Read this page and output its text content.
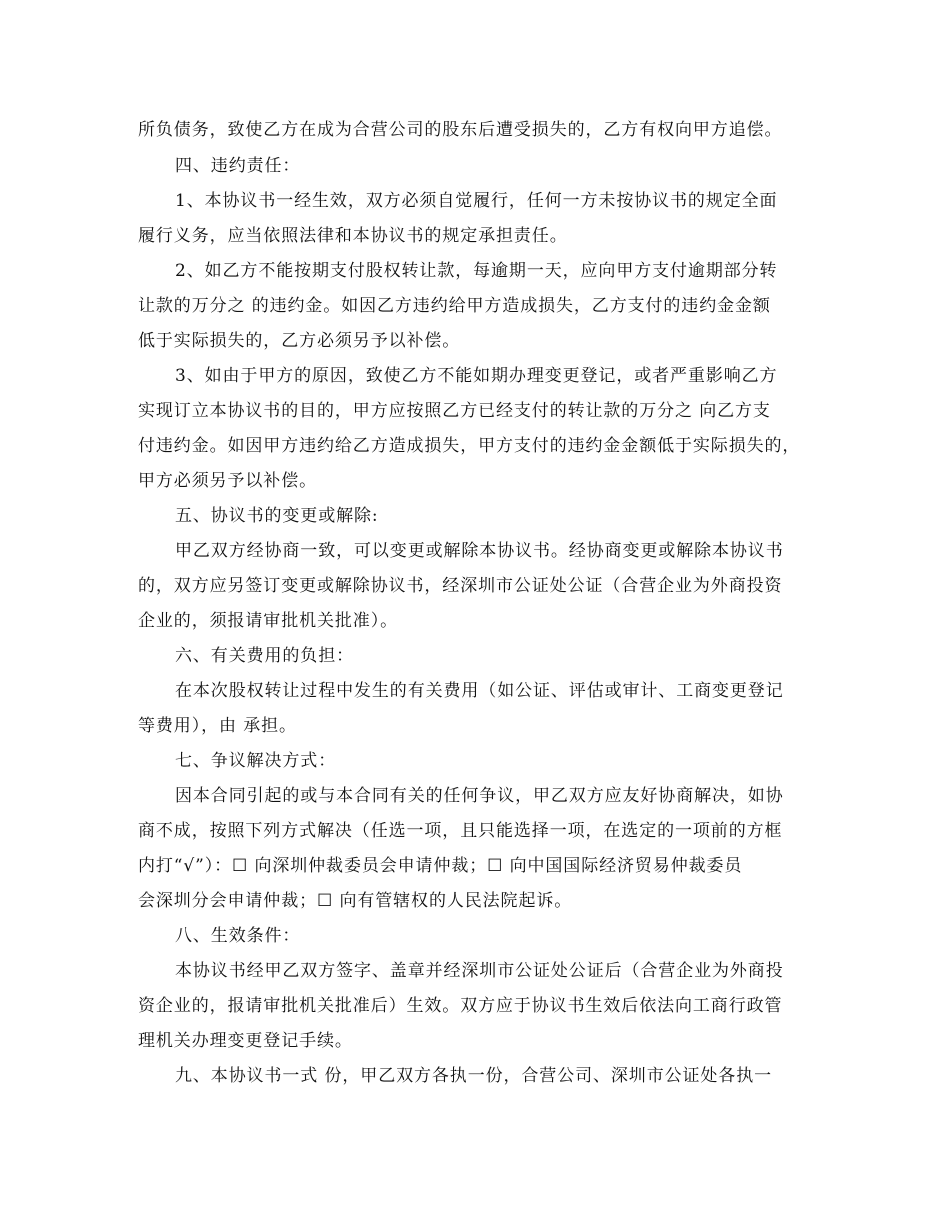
所负债务，致使乙方在成为合营公司的股东后遭受损失的，乙方有权向甲方追偿。
四、违约责任：
1、本协议书一经生效，双方必须自觉履行，任何一方未按协议书的规定全面
履行义务，应当依照法律和本协议书的规定承担责任。
2、如乙方不能按期支付股权转让款，每逾期一天，应向甲方支付逾期部分转
让款的万分之 的违约金。如因乙方违约给甲方造成损失，乙方支付的违约金金额
低于实际损失的，乙方必须另予以补偿。
3、如由于甲方的原因，致使乙方不能如期办理变更登记，或者严重影响乙方
实现订立本协议书的目的，甲方应按照乙方已经支付的转让款的万分之 向乙方支
付违约金。如因甲方违约给乙方造成损失，甲方支付的违约金金额低于实际损失的，
甲方必须另予以补偿。
五、协议书的变更或解除:
甲乙双方经协商一致，可以变更或解除本协议书。经协商变更或解除本协议书
的，双方应另签订变更或解除协议书，经深圳市公证处公证（合营企业为外商投资
企业的，须报请审批机关批准）。
六、有关费用的负担：
在本次股权转让过程中发生的有关费用（如公证、评估或审计、工商变更登记
等费用），由 承担。
七、争议解决方式：
因本合同引起的或与本合同有关的任何争议，甲乙双方应友好协商解决，如协
商不成，按照下列方式解决（任选一项，且只能选择一项，在选定的一项前的方框
内打“√”）：☐ 向深圳仲裁委员会申请仲裁；☐ 向中国国际经济贸易仲裁委员
会深圳分会申请仲裁；☐ 向有管辖权的人民法院起诉。
八、生效条件：
本协议书经甲乙双方签字、盖章并经深圳市公证处公证后（合营企业为外商投
资企业的，报请审批机关批准后）生效。双方应于协议书生效后依法向工商行政管
理机关办理变更登记手续。
九、本协议书一式 份，甲乙双方各执一份，合营公司、深圳市公证处各执一
